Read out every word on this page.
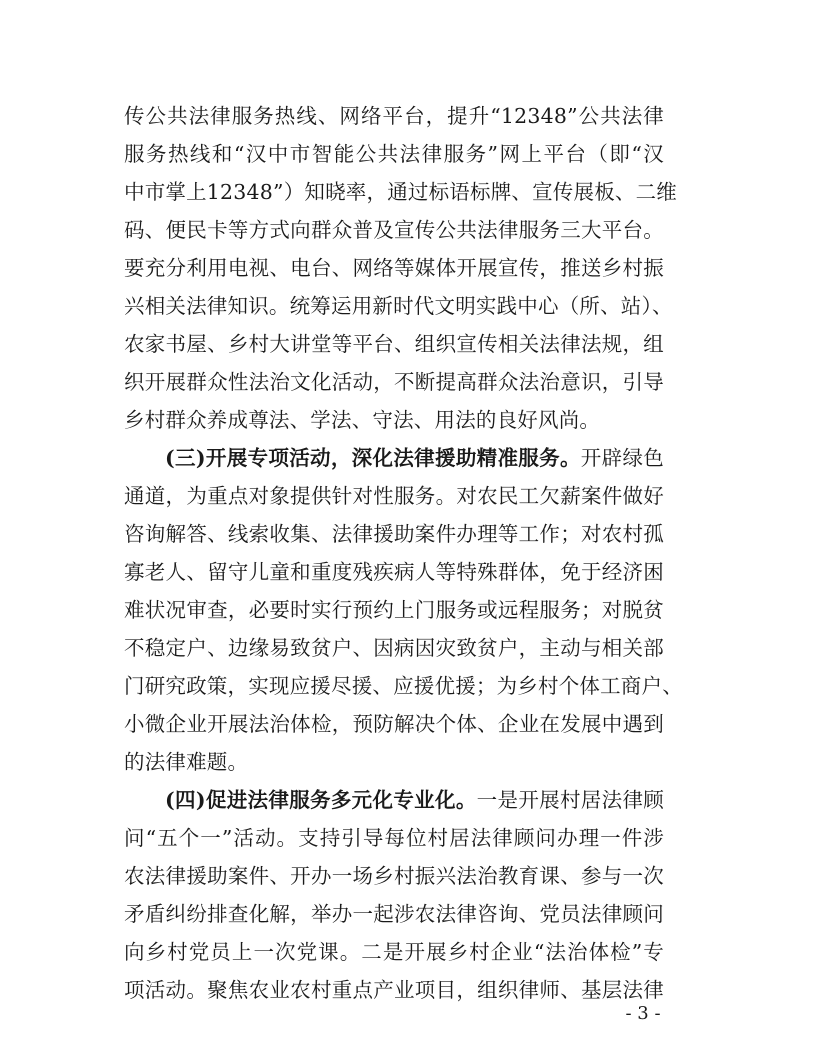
传公共法律服务热线、网络平台，提升“12348”公共法律
服务热线和“汉中市智能公共法律服务”网上平台（即“汉
中市掌上12348”）知晓率，通过标语标牌、宣传展板、二维
码、便民卡等方式向群众普及宣传公共法律服务三大平台。
要充分利用电视、电台、网络等媒体开展宣传，推送乡村振
兴相关法律知识。统筹运用新时代文明实践中心（所、站）、
农家书屋、乡村大讲堂等平台、组织宣传相关法律法规，组
织开展群众性法治文化活动，不断提高群众法治意识，引导
乡村群众养成尊法、学法、守法、用法的良好风尚。
(三)开展专项活动，深化法律援助精准服务。开辟绿色
通道，为重点对象提供针对性服务。对农民工欠薪案件做好
咨询解答、线索收集、法律援助案件办理等工作；对农村孤
寡老人、留守儿童和重度残疾病人等特殊群体，免于经济困
难状况审查，必要时实行预约上门服务或远程服务；对脱贫
不稳定户、边缘易致贫户、因病因灾致贫户，主动与相关部
门研究政策，实现应援尽援、应援优援；为乡村个体工商户、
小微企业开展法治体检，预防解决个体、企业在发展中遇到
的法律难题。
(四)促进法律服务多元化专业化。一是开展村居法律顾
问“五个一”活动。支持引导每位村居法律顾问办理一件涉
农法律援助案件、开办一场乡村振兴法治教育课、参与一次
矛盾纠纷排查化解，举办一起涉农法律咨询、党员法律顾问
向乡村党员上一次党课。二是开展乡村企业“法治体检”专
项活动。聚焦农业农村重点产业项目，组织律师、基层法律
- 3 -
